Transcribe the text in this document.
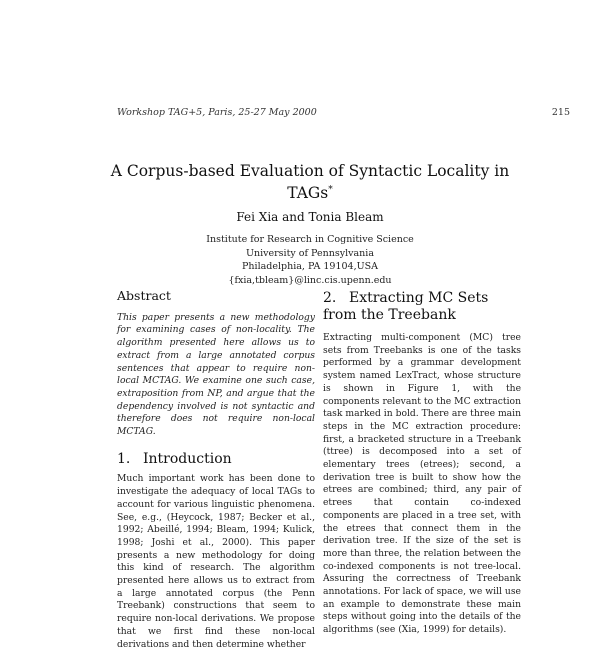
Workshop TAG+5, Paris, 25-27 May 2000	215
A Corpus-based Evaluation of Syntactic Locality in TAGs*
Fei Xia and Tonia Bleam
Institute for Research in Cognitive Science
University of Pennsylvania
Philadelphia, PA 19104,USA
{fxia,tbleam}@linc.cis.upenn.edu
Abstract

This paper presents a new methodology for examining cases of non-locality. The algorithm presented here allows us to extract from a large annotated corpus sentences that appear to require non-local MCTAG. We examine one such case, extraposition from NP, and argue that the dependency involved is not syntactic and therefore does not require non-local MCTAG.

1. Introduction

Much important work has been done to investigate the adequacy of local TAGs to account for various linguistic phenomena. See, e.g., (Heycock, 1987; Becker et al., 1992; Abeillé, 1994; Bleam, 1994; Kulick, 1998; Joshi et al., 2000). This paper presents a new methodology for doing this kind of research. The algorithm presented here allows us to extract from a large annotated corpus (the Penn Treebank) constructions that seem to require non-local derivations. We propose that we first find these non-local derivations and then determine whether

2. Extracting MC Sets from the Treebank

Extracting multi-component (MC) tree sets from Treebanks is one of the tasks performed by a grammar development system named LexTract, whose structure is shown in Figure 1, with the components relevant to the MC extraction task marked in bold. There are three main steps in the MC extraction procedure: first, a bracketed structure in a Treebank (ttree) is decomposed into a set of elementary trees (etrees); second, a derivation tree is built to show how the etrees are combined; third, any pair of etrees that contain co-indexed components are placed in a tree set, with the etrees that connect them in the derivation tree. If the size of the set is more than three, the relation between the co-indexed components is not tree-local. Assuring the correctness of Treebank annotations. For lack of space, we will use an example to demonstrate these main steps without going into the details of the algorithms (see (Xia, 1999) for details).
